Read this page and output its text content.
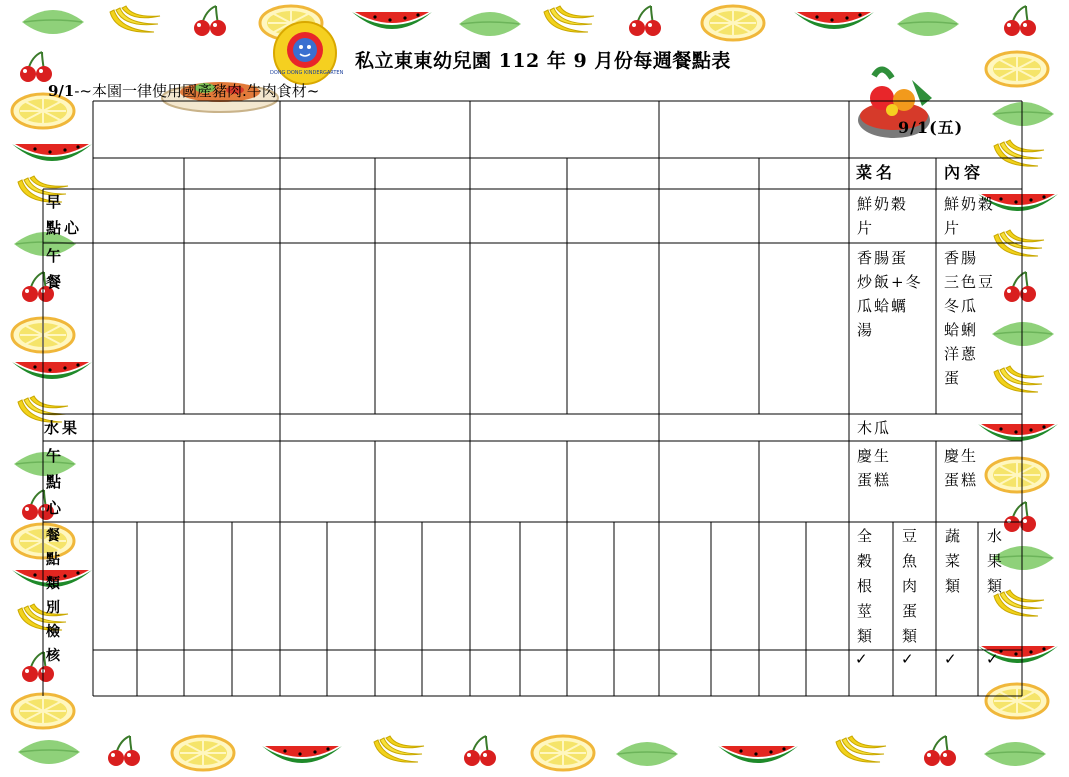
DONG DONG KINDERGARTEN
私立東東幼兒園 112 年 9 月份每週餐點表
9/1-~本園一律使用國產豬肉.牛肉食材~
9/1(五)
菜名	內容
早
點心
午
餐
水果
午
點
心
餐
點
類
別
檢
核
鮮奶穀
片
鮮奶穀
片
香腸蛋
炒飯+冬
瓜蛤蠣
湯
香腸
三色豆
冬瓜
蛤蜊
洋蔥
蛋
木瓜
慶生
蛋糕
慶生
蛋糕
全
穀
根
莖
類
豆
魚
肉
蛋
類
蔬
菜
類
水
果
類
✓ ✓ ✓ ✓
